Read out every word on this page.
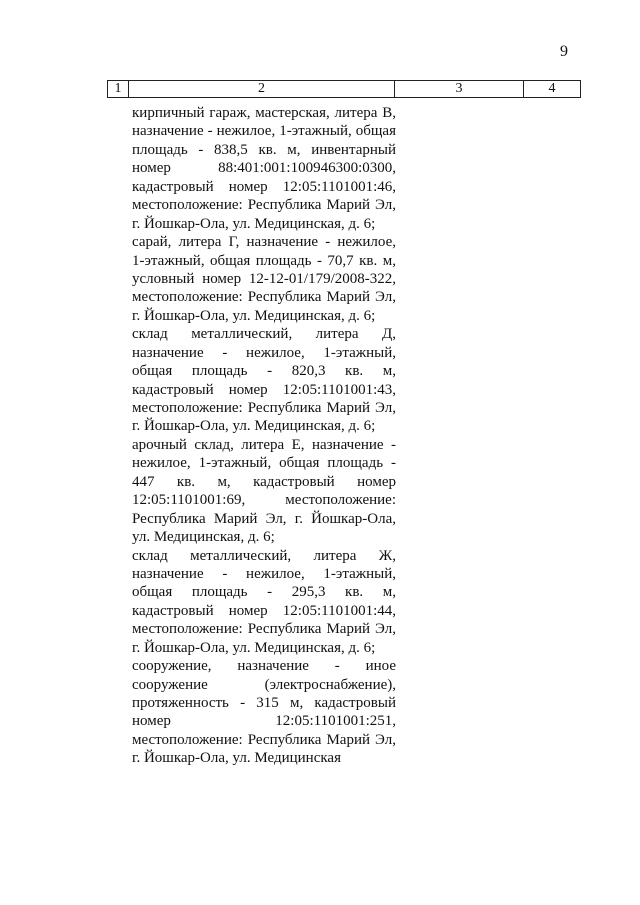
9
1	2	3	4
кирпичный гараж, мастерская, литера В,
назначение - нежилое, 1-этажный, общая
площадь - 838,5 кв. м, инвентарный
номер 88:401:001:100946300:0300,
кадастровый номер 12:05:1101001:46,
местоположение: Республика Марий Эл,
г. Йошкар-Ола, ул. Медицинская, д. 6;
сарай, литера Г, назначение - нежилое,
1-этажный, общая площадь - 70,7 кв. м,
условный номер 12-12-01/179/2008-322,
местоположение: Республика Марий Эл,
г. Йошкар-Ола, ул. Медицинская, д. 6;
склад металлический, литера Д,
назначение - нежилое, 1-этажный,
общая площадь - 820,3 кв. м,
кадастровый номер 12:05:1101001:43,
местоположение: Республика Марий Эл,
г. Йошкар-Ола, ул. Медицинская, д. 6;
арочный склад, литера Е, назначение -
нежилое, 1-этажный, общая площадь -
447 кв. м, кадастровый номер
12:05:1101001:69, местоположение:
Республика Марий Эл, г. Йошкар-Ола,
ул. Медицинская, д. 6;
склад металлический, литера Ж,
назначение - нежилое, 1-этажный,
общая площадь - 295,3 кв. м,
кадастровый номер 12:05:1101001:44,
местоположение: Республика Марий Эл,
г. Йошкар-Ола, ул. Медицинская, д. 6;
сооружение, назначение - иное
сооружение (электроснабжение),
протяженность - 315 м, кадастровый
номер 12:05:1101001:251,
местоположение: Республика Марий Эл,
г. Йошкар-Ола, ул. Медицинская
